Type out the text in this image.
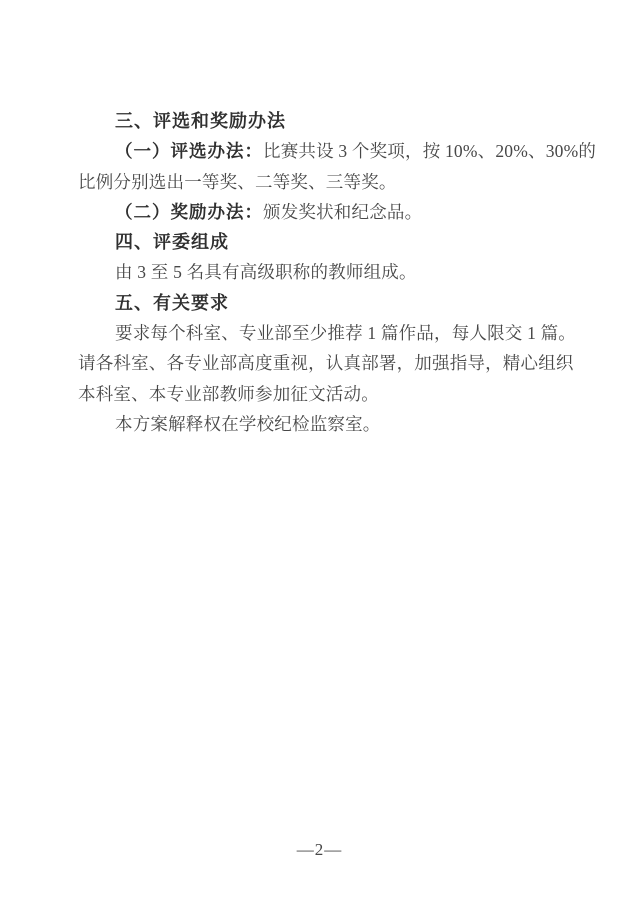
三、评选和奖励办法
（一）评选办法：比赛共设 3 个奖项，按 10%、20%、30%的
比例分别选出一等奖、二等奖、三等奖。
（二）奖励办法：颁发奖状和纪念品。
四、评委组成
由 3 至 5 名具有高级职称的教师组成。
五、有关要求
要求每个科室、专业部至少推荐 1 篇作品，每人限交 1 篇。
请各科室、各专业部高度重视，认真部署，加强指导，精心组织
本科室、本专业部教师参加征文活动。
本方案解释权在学校纪检监察室。
—2—
